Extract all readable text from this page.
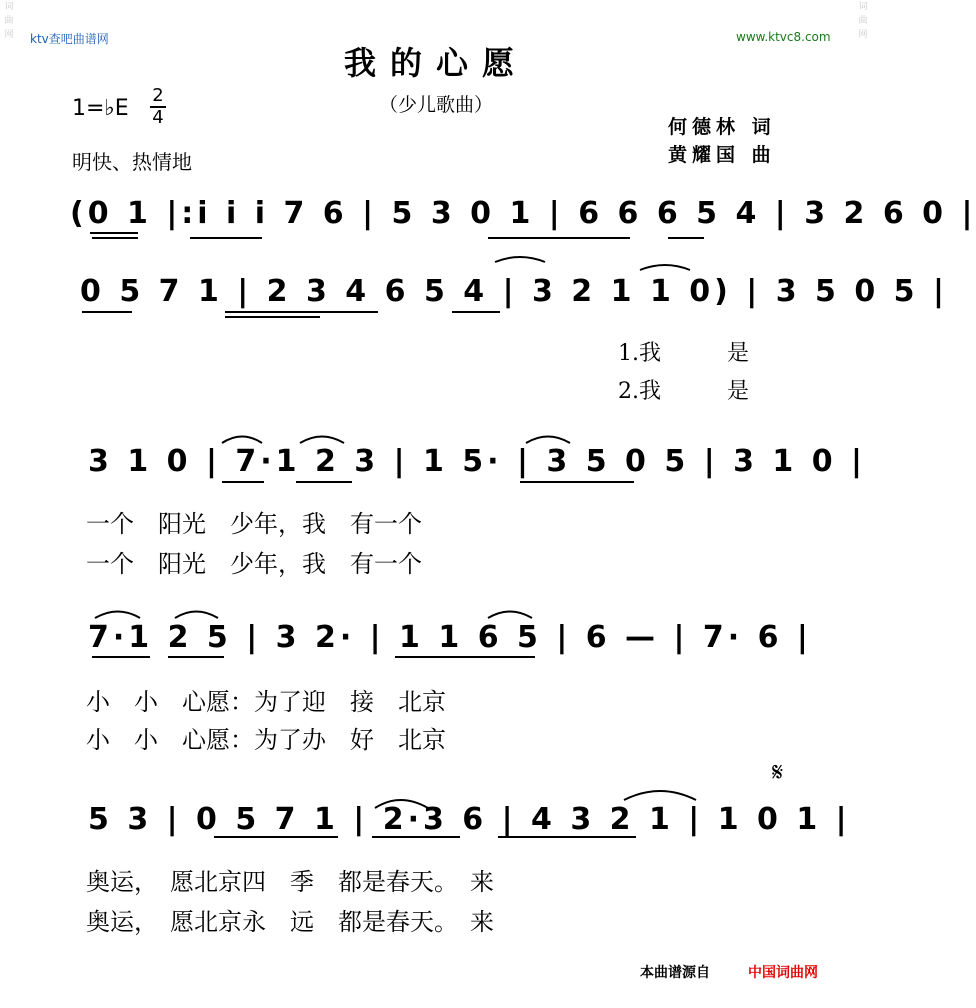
词曲网
词曲网
ktv查吧曲谱网	www.ktvc8.com
我的心愿
（少儿歌曲）
1=♭E
2
4
明快、热情地
何德林 词
黄耀国 曲
(0 1 |:i i i 7 6 | 5 3 0 1 | 6 6 6 5 4 | 3 2 6 0 |
0 5 7 1 | 2 3 4 6 5 4 | 3 2 1 1 0) | 3 5 0 5 |
1.我　　　是
2.我　　　是
3 1 0 | 7·1 2 3 | 1 5· | 3 5 0 5 | 3 1 0 |
一个　阳光　少年，我　有一个
一个　阳光　少年，我　有一个
7·1 2 5 | 3 2· | 1 1 6 5 | 6 — | 7· 6 |
小　小　心愿：为了迎　接　北京
小　小　心愿：为了办　好　北京
𝄋
5 3 | 0 5 7 1 | 2·3 6 | 4 3 2 1 | 1 0 1 |
奥运，　愿北京四　季　都是春天。　来
奥运，　愿北京永　远　都是春天。　来
本曲谱源自	中国词曲网
